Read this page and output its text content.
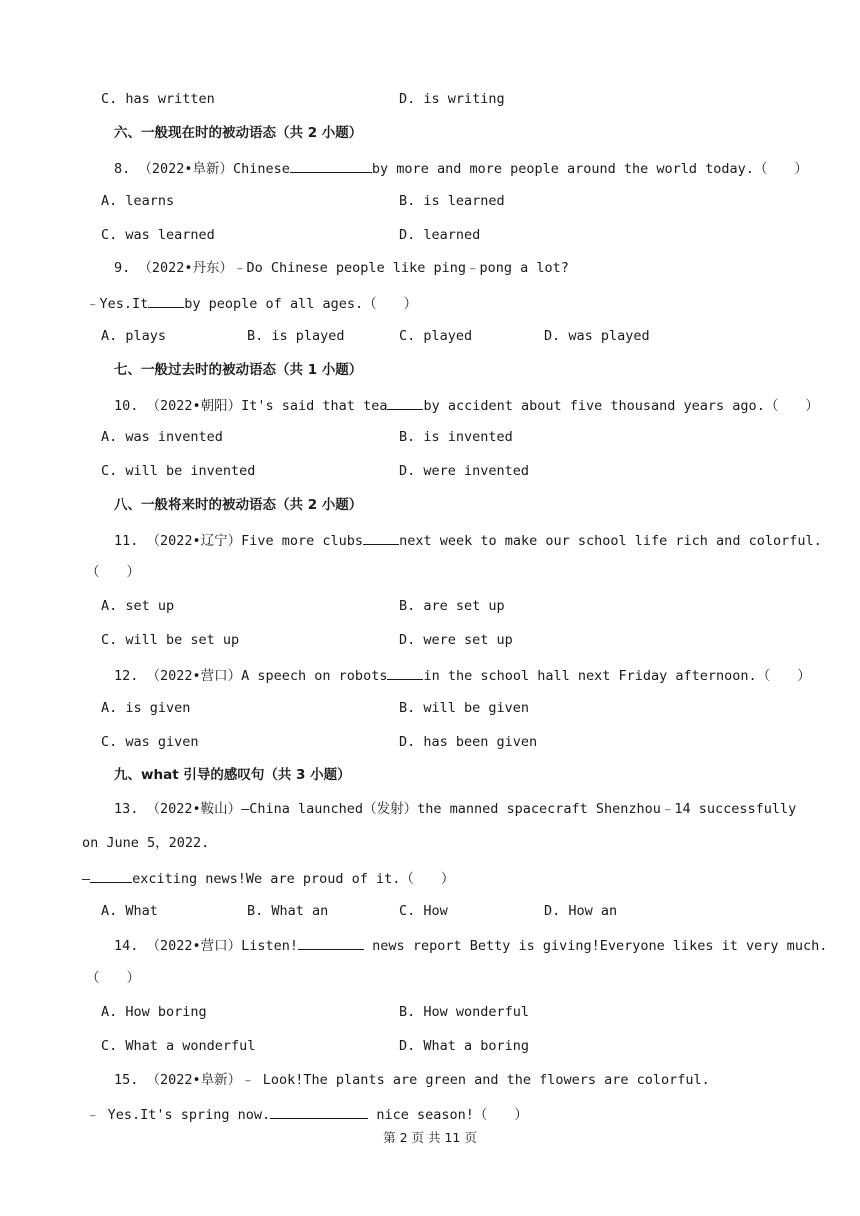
C. has written	D. is writing
六、一般现在时的被动语态（共 2 小题）
8. （2022•阜新）Chinese	by more and more people around the world today.（　　）
A. learns	B. is learned
C. was learned	D. learned
9. （2022•丹东）﹣Do Chinese people like ping﹣pong a lot?
﹣Yes.It	by people of all ages.（　　）
A. plays	B. is played	C. played	D. was played
七、一般过去时的被动语态（共 1 小题）
10. （2022•朝阳）It's said that tea	by accident about five thousand years ago.（　　）
A. was invented	B. is invented
C. will be invented	D. were invented
八、一般将来时的被动语态（共 2 小题）
11. （2022•辽宁）Five more clubs	next week to make our school life rich and colorful.
（　　）
A. set up	B. are set up
C. will be set up	D. were set up
12. （2022•营口）A speech on robots	in the school hall next Friday afternoon.（　　）
A. is given	B. will be given
C. was given	D. has been given
九、what 引导的感叹句（共 3 小题）
13. （2022•鞍山）—China launched（发射）the manned spacecraft Shenzhou﹣14 successfully
on June 5，2022.
—	exciting news!We are proud of it.（　　）
A. What	B. What an	C. How	D. How an
14. （2022•营口）Listen!	news report Betty is giving!Everyone likes it very much.
（　　）
A. How boring	B. How wonderful
C. What a wonderful	D. What a boring
15. （2022•阜新）﹣ Look!The plants are green and the flowers are colorful.
﹣ Yes.It's spring now.	nice season!（　　）
第 2 页 共 11 页
